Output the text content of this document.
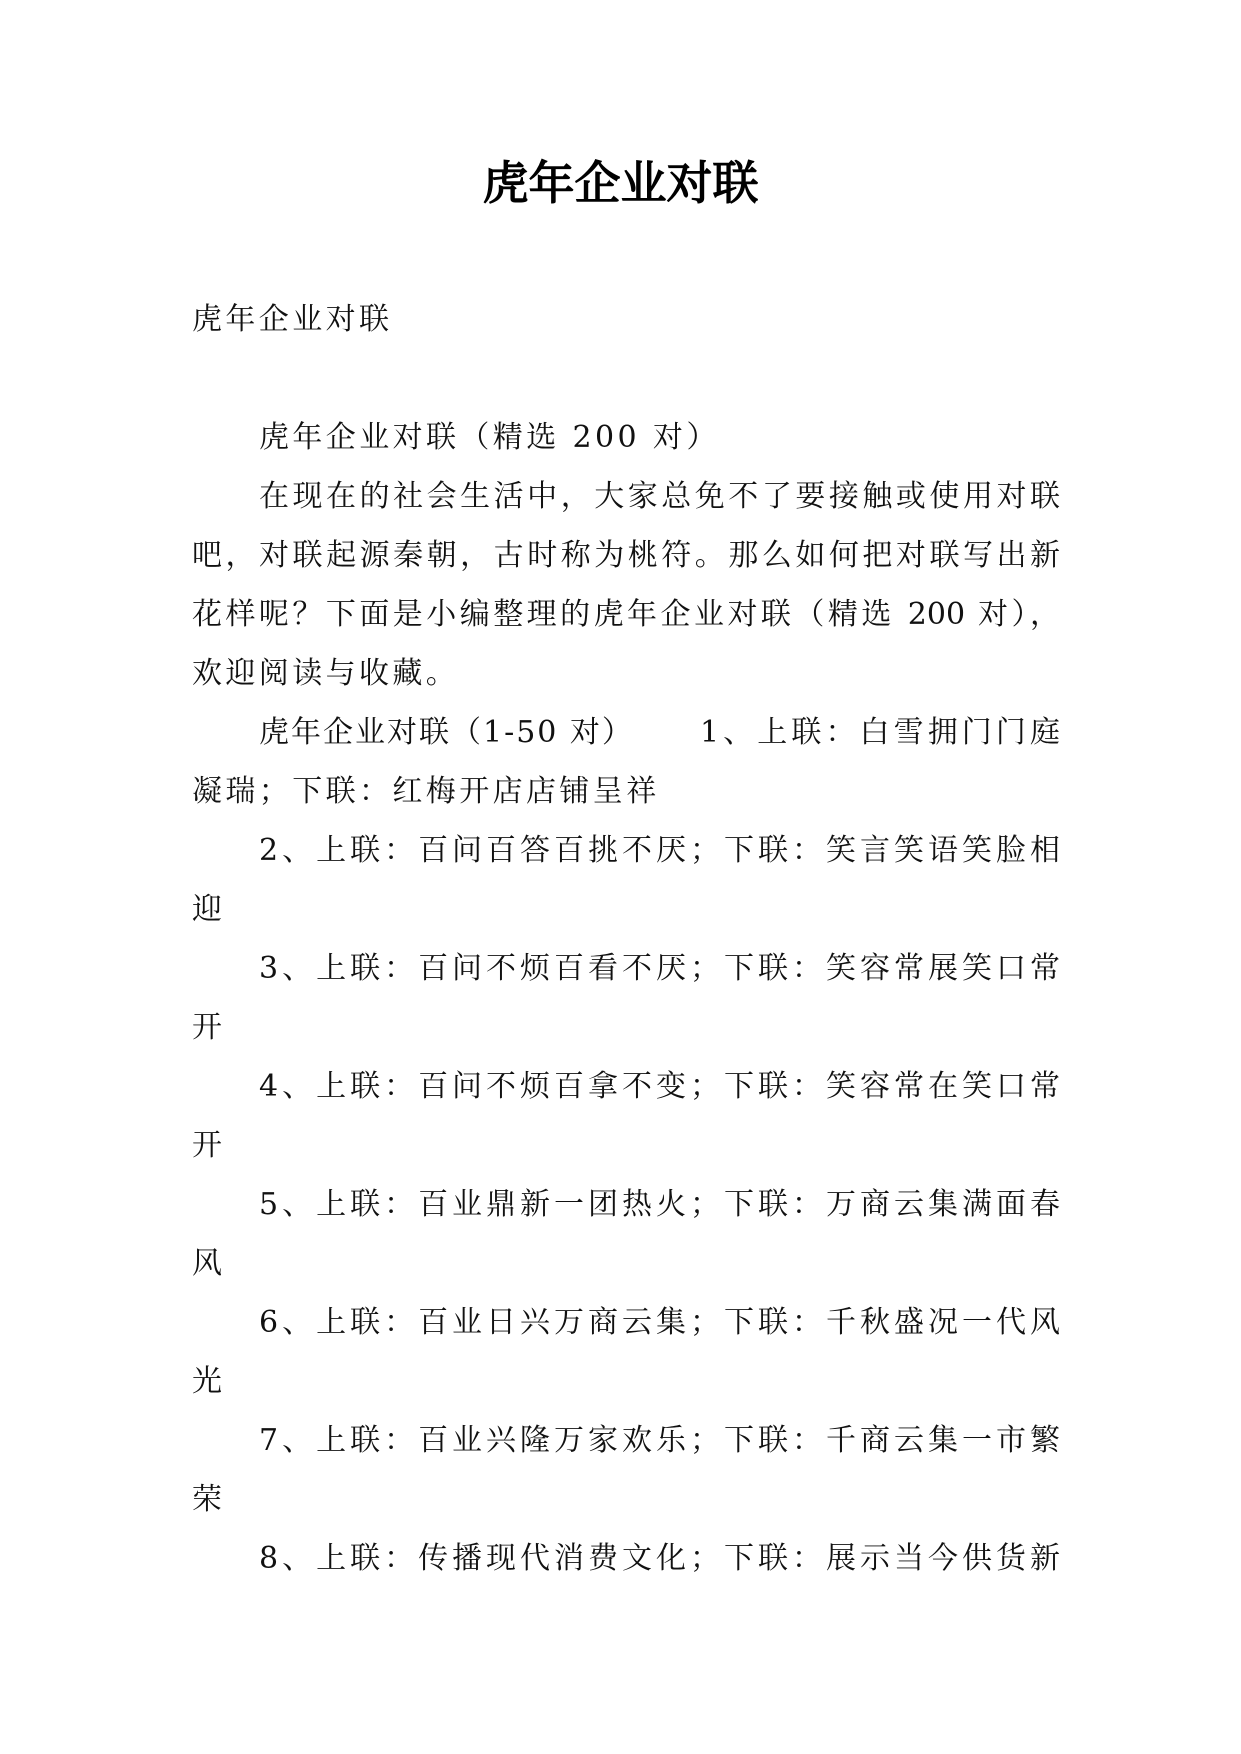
虎年企业对联
虎年企业对联
虎年企业对联（精选 200 对）
在现在的社会生活中，大家总免不了要接触或使用对联
吧，对联起源秦朝，古时称为桃符。那么如何把对联写出新
花样呢？下面是小编整理的虎年企业对联（精选 200 对），
欢迎阅读与收藏。
虎年企业对联（1-50 对） 1、上联：白雪拥门门庭
凝瑞；下联：红梅开店店铺呈祥
2、上联：百问百答百挑不厌；下联：笑言笑语笑脸相
迎
3、上联：百问不烦百看不厌；下联：笑容常展笑口常
开
4、上联：百问不烦百拿不变；下联：笑容常在笑口常
开
5、上联：百业鼎新一团热火；下联：万商云集满面春
风
6、上联：百业日兴万商云集；下联：千秋盛况一代风
光
7、上联：百业兴隆万家欢乐；下联：千商云集一市繁
荣
8、上联：传播现代消费文化；下联：展示当今供货新
